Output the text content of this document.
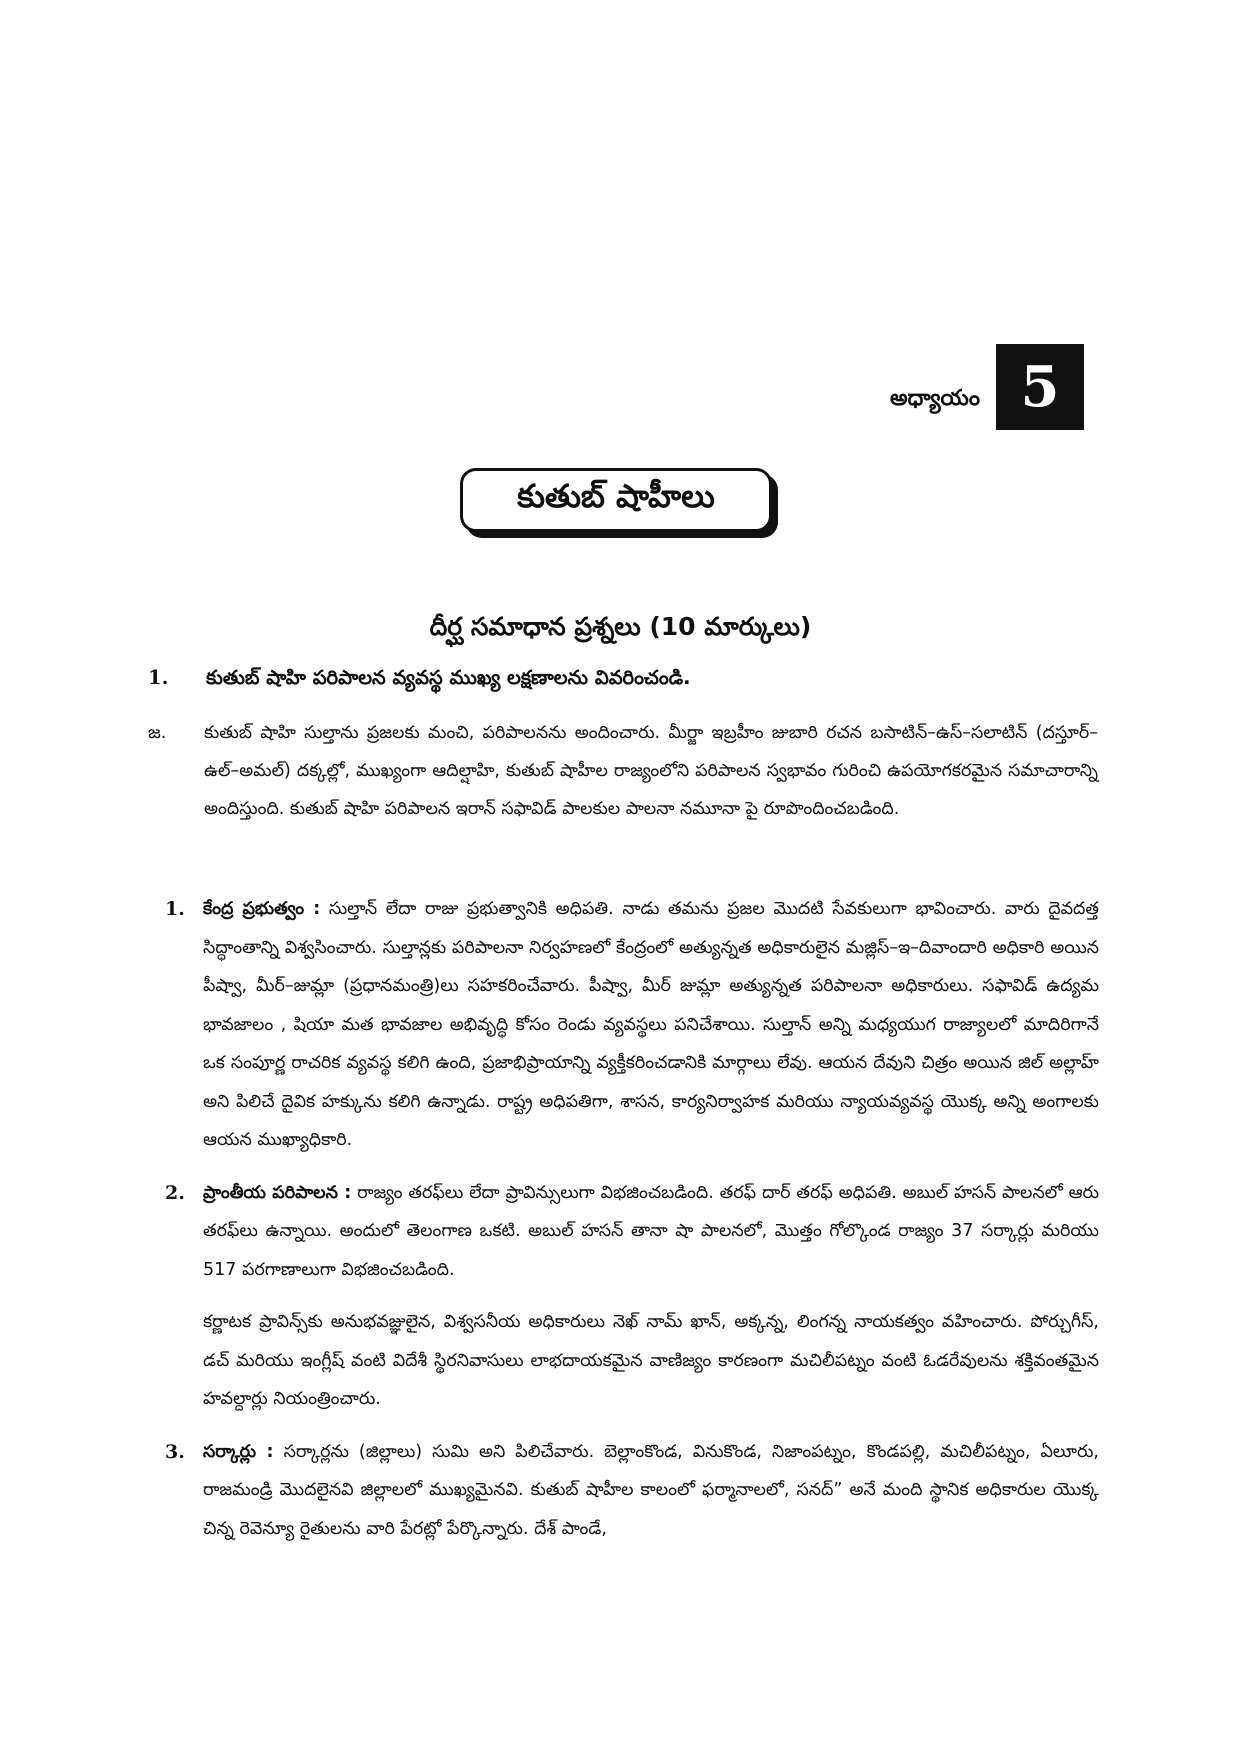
అధ్యాయం 5
కుతుబ్ షాహీలు
దీర్ఘ సమాధాన ప్రశ్నలు (10 మార్కులు)
1.	కుతుబ్ షాహి పరిపాలన వ్యవస్థ ముఖ్య లక్షణాలను వివరించండి.
జ.	కుతుబ్ షాహి సుల్తాను ప్రజలకు మంచి, పరిపాలనను అందించారు. మీర్జా ఇబ్రహీం జుబారి రచన బసాటిన్–ఉస్–సలాటిన్ (దస్తూర్–ఉల్–అమల్) దక్కల్లో, ముఖ్యంగా ఆదిల్షాహి, కుతుబ్ షాహీల రాజ్యంలోని పరిపాలన స్వభావం గురించి ఉపయోగకరమైన సమాచారాన్ని అందిస్తుంది. కుతుబ్ షాహి పరిపాలన ఇరాన్ సఫావిడ్ పాలకుల పాలనా నమూనా పై రూపొందించబడింది.
1.	కేంద్ర ప్రభుత్వం : సుల్తాన్ లేదా రాజు ప్రభుత్వానికి అధిపతి. నాడు తమను ప్రజల మొదటి సేవకులుగా భావించారు. వారు దైవదత్త సిద్ధాంతాన్ని విశ్వసించారు. సుల్తాన్లకు పరిపాలనా నిర్వహణలో కేంద్రంలో అత్యున్నత అధికారులైన మజ్లిస్–ఇ–దివాందారి అధికారి అయిన పీష్వా, మీర్–జుమ్లా (ప్రధానమంత్రి)లు సహకరించేవారు. పీష్వా, మీర్ జుమ్లా అత్యున్నత పరిపాలనా అధికారులు. సఫావిడ్ ఉద్యమ భావజాలం , షియా మత భావజాల అభివృద్ధి కోసం రెండు వ్యవస్థలు పనిచేశాయి. సుల్తాన్ అన్ని మధ్యయుగ రాజ్యాలలో మాదిరిగానే ఒక సంపూర్ణ రాచరిక వ్యవస్థ కలిగి ఉంది, ప్రజాభిప్రాయాన్ని వ్యక్తీకరించడానికి మార్గాలు లేవు. ఆయన దేవుని చిత్రం అయిన జిల్ అల్లాహ్ అని పిలిచే దైవిక హక్కును కలిగి ఉన్నాడు. రాష్ట్ర అధిపతిగా, శాసన, కార్యనిర్వాహక మరియు న్యాయవ్యవస్థ యొక్క అన్ని అంగాలకు ఆయన ముఖ్యాధికారి.
2.	ప్రాంతీయ పరిపాలన : రాజ్యం తరఫ్‌లు లేదా ప్రావిన్సులుగా విభజించబడింది. తరఫ్ దార్ తరఫ్ అధిపతి. అబుల్ హసన్ పాలనలో ఆరు తరఫ్‌లు ఉన్నాయి. అందులో తెలంగాణ ఒకటి. అబుల్ హసన్ తానా షా పాలనలో, మొత్తం గోల్కొండ రాజ్యం 37 సర్కార్లు మరియు 517 పరగాణాలుగా విభజించబడింది.
కర్ణాటక ప్రావిన్స్‌కు అనుభవజ్ఞులైన, విశ్వసనీయ అధికారులు నెఖ్ నామ్ ఖాన్, అక్కన్న, లింగన్న నాయకత్వం వహించారు. పోర్చుగీస్, డచ్ మరియు ఇంగ్లీష్ వంటి విదేశీ స్థిరనివాసులు లాభదాయకమైన వాణిజ్యం కారణంగా మచిలీపట్నం వంటి ఓడరేవులను శక్తివంతమైన హవల్దార్లు నియంత్రించారు.
3.	సర్కార్లు : సర్కార్లను (జిల్లాలు) సుమి అని పిలిచేవారు. బెల్లాంకొండ, వినుకొండ, నిజాంపట్నం, కొండపల్లి, మచిలీపట్నం, ఏలూరు, రాజమండ్రి మొదలైనవి జిల్లాలలో ముఖ్యమైనవి. కుతుబ్ షాహీల కాలంలో ఫర్మానాలలో, సనద్” అనే మంది స్థానిక అధికారుల యొక్క చిన్న రెవెన్యూ రైతులను వారి పేరట్లో పేర్కొన్నారు. దేశ్ పాండే,
